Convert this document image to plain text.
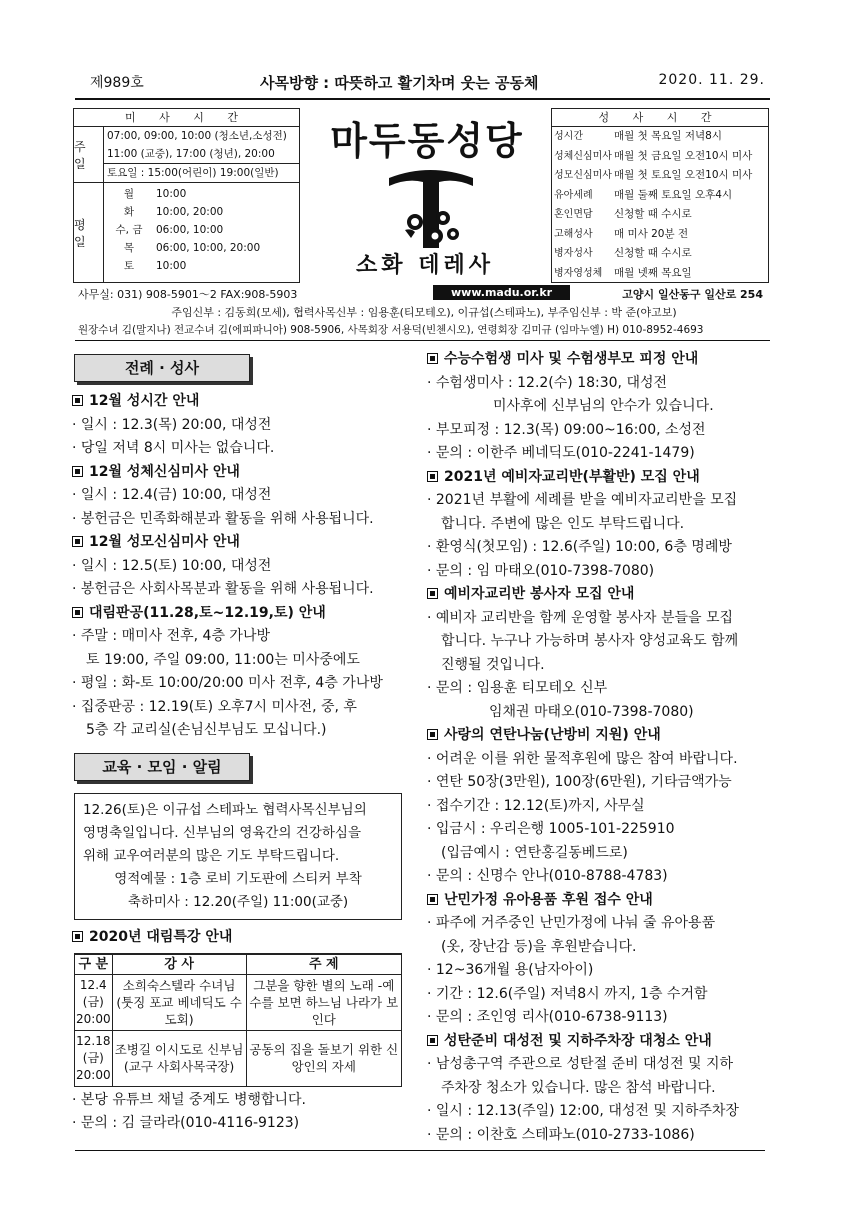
제989호	사목방향 : 따뜻하고 활기차며 웃는 공동체	2020. 11. 29.
미 사 시 간
주 일
07:00, 09:00, 10:00 (청소년,소성전)
11:00 (교중), 17:00 (청년), 20:00
토요일 : 15:00(어린이) 19:00(일반)
평 일
월	10:00
화	10:00, 20:00
수, 금	06:00, 10:00
목	06:00, 10:00, 20:00
토	10:00
마두동성당
소화 데레사
성 사 시 간
성시간	매월 첫 목요일 저녁8시
성체신심미사 매월 첫 금요일 오전10시 미사
성모신심미사 매월 첫 토요일 오전10시 미사
유아세례	매월 둘째 토요일 오후4시
혼인면담	신청할 때 수시로
고해성사	매 미사 20분 전
병자성사	신청할 때 수시로
병자영성체	매월 넷째 목요일
사무실: 031) 908-5901～2 FAX:908-5903	www.madu.or.kr	고양시 일산동구 일산로 254
주임신부 : 김동희(모세), 협력사목신부 : 임용훈(티모테오), 이규섭(스테파노), 부주임신부 : 박 준(야고보)
원장수녀 김(말지나) 전교수녀 김(에피파니아) 908-5906, 사목회장 서용덕(빈첸시오), 연령회장 김미규 (임마누엘) H) 010-8952-4693
전례 · 성사
12월 성시간 안내
· 일시 : 12.3(목) 20:00, 대성전
· 당일 저녁 8시 미사는 없습니다.
12월 성체신심미사 안내
· 일시 : 12.4(금) 10:00, 대성전
· 봉헌금은 민족화해분과 활동을 위해 사용됩니다.
12월 성모신심미사 안내
· 일시 : 12.5(토) 10:00, 대성전
· 봉헌금은 사회사목분과 활동을 위해 사용됩니다.
대림판공(11.28,토~12.19,토) 안내
· 주말 : 매미사 전후, 4층 가나방
토 19:00, 주일 09:00, 11:00는 미사중에도
· 평일 : 화-토 10:00/20:00 미사 전후, 4층 가나방
· 집중판공 : 12.19(토) 오후7시 미사전, 중, 후
5층 각 교리실(손님신부님도 모십니다.)
교육 · 모임 · 알림
12.26(토)은 이규섭 스테파노 협력사목신부님의
영명축일입니다. 신부님의 영육간의 건강하심을
위해 교우여러분의 많은 기도 부탁드립니다.
영적예물 : 1층 로비 기도판에 스티커 부착
축하미사 : 12.20(주일) 11:00(교중)
2020년 대림특강 안내
구 분	강 사	주 제
12.4 (금) 20:00	소희숙스텔라 수녀님 (툿징 포교 베네딕도 수도회)	그분을 향한 별의 노래 -예수를 보면 하느님 나라가 보인다
12.18 (금) 20:00	조병길 이시도로 신부님 (교구 사회사목국장)	공동의 집을 돌보기 위한 신앙인의 자세
· 본당 유튜브 채널 중계도 병행합니다.
· 문의 : 김 글라라(010-4116-9123)
수능수험생 미사 및 수험생부모 피정 안내
· 수험생미사 : 12.2(수) 18:30, 대성전
미사후에 신부님의 안수가 있습니다.
· 부모피정 : 12.3(목) 09:00~16:00, 소성전
· 문의 : 이한주 베네딕도(010-2241-1479)
2021년 예비자교리반(부활반) 모집 안내
· 2021년 부활에 세례를 받을 예비자교리반을 모집
합니다. 주변에 많은 인도 부탁드립니다.
· 환영식(첫모임) : 12.6(주일) 10:00, 6층 명례방
· 문의 : 임 마태오(010-7398-7080)
예비자교리반 봉사자 모집 안내
· 예비자 교리반을 함께 운영할 봉사자 분들을 모집
합니다. 누구나 가능하며 봉사자 양성교육도 함께
진행될 것입니다.
· 문의 : 임용훈 티모테오 신부
임채권 마태오(010-7398-7080)
사랑의 연탄나눔(난방비 지원) 안내
· 어려운 이를 위한 물적후원에 많은 참여 바랍니다.
· 연탄 50장(3만원), 100장(6만원), 기타금액가능
· 접수기간 : 12.12(토)까지, 사무실
· 입금시 : 우리은행 1005-101-225910
(입금예시 : 연탄홍길동베드로)
· 문의 : 신명수 안나(010-8788-4783)
난민가정 유아용품 후원 접수 안내
· 파주에 거주중인 난민가정에 나눠 줄 유아용품
(옷, 장난감 등)을 후원받습니다.
· 12~36개월 용(남자아이)
· 기간 : 12.6(주일) 저녁8시 까지, 1층 수거함
· 문의 : 조인영 리사(010-6738-9113)
성탄준비 대성전 및 지하주차장 대청소 안내
· 남성총구역 주관으로 성탄절 준비 대성전 및 지하
주차장 청소가 있습니다. 많은 참석 바랍니다.
· 일시 : 12.13(주일) 12:00, 대성전 및 지하주차장
· 문의 : 이찬호 스테파노(010-2733-1086)
